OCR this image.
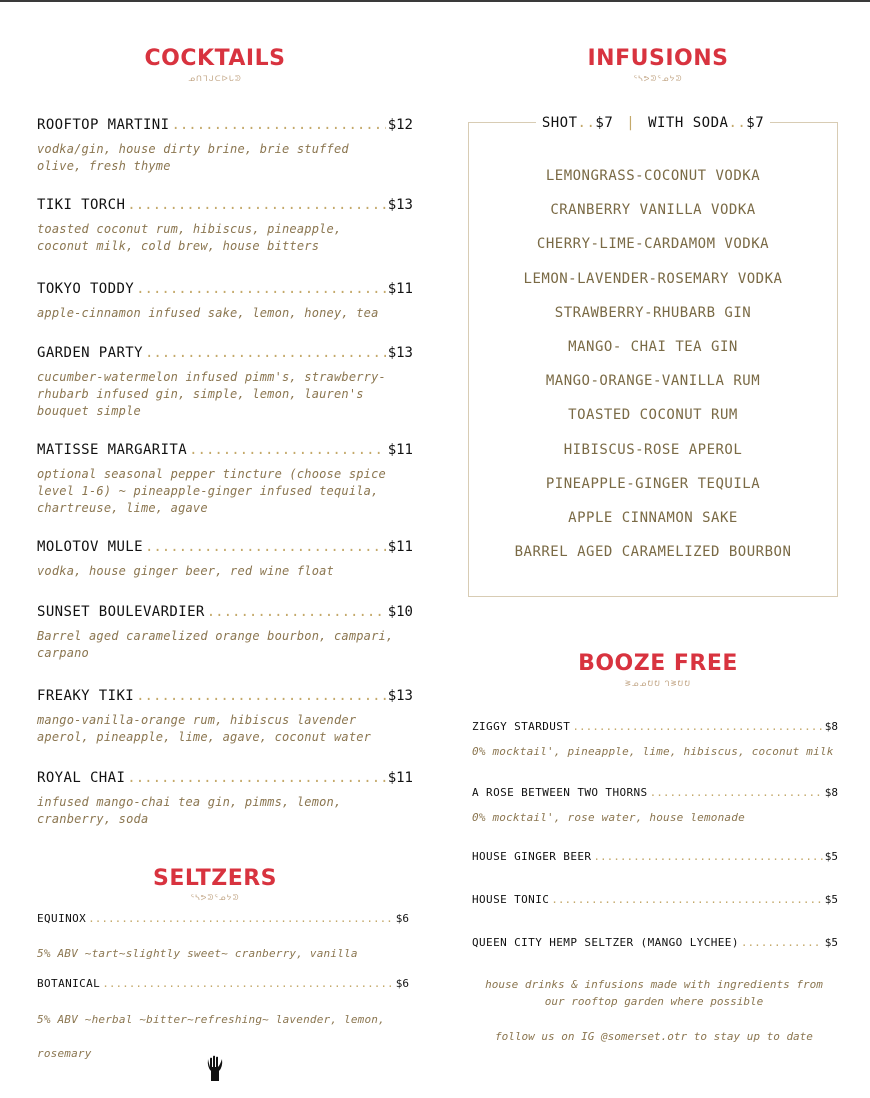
COCKTAILS
ᓄᑎᒣᒍᑕᐅᒐᕲ
ROOFTOP MARTINI .....	$12
vodka/gin, house dirty brine, brie stuffed
olive, fresh thyme
TIKI TORCH .....	$13
toasted coconut rum, hibiscus, pineapple,
coconut milk, cold brew, house bitters
TOKYO TODDY .....	$11
apple-cinnamon infused sake, lemon, honey, tea
GARDEN PARTY .....	$13
cucumber-watermelon infused pimm's, strawberry-
rhubarb infused gin, simple, lemon, lauren's
bouquet simple
MATISSE MARGARITA .....	$11
optional seasonal pepper tincture (choose spice
level 1-6) ~ pineapple-ginger infused tequila,
chartreuse, lime, agave
MOLOTOV MULE .....	$11
vodka, house ginger beer, red wine float
SUNSET BOULEVARDIER .....	$10
Barrel aged caramelized orange bourbon, campari,
carpano
FREAKY TIKI .....	$13
mango-vanilla-orange rum, hibiscus lavender
aperol, pineapple, lime, agave, coconut water
ROYAL CHAI .....	$11
infused mango-chai tea gin, pimms, lemon,
cranberry, soda
SELTZERS
ᕐᓴᕗᕲᕐᓄᔭᕲ
EQUINOX .....	$6
5% ABV ~tart~slightly sweet~ cranberry, vanilla
BOTANICAL .....	$6
5% ABV ~herbal ~bitter~refreshing~ lavender, lemon,
rosemary
INFUSIONS
ᕐᓴᕗᕲᕐᓄᔭᕲ
SHOT..$7 | WITH SODA..$7
LEMONGRASS-COCONUT VODKA
CRANBERRY VANILLA VODKA
CHERRY-LIME-CARDAMOM VODKA
LEMON-LAVENDER-ROSEMARY VODKA
STRAWBERRY-RHUBARB GIN
MANGO- CHAI TEA GIN
MANGO-ORANGE-VANILLA RUM
TOASTED COCONUT RUM
HIBISCUS-ROSE APEROL
PINEAPPLE-GINGER TEQUILA
APPLE CINNAMON SAKE
BARREL AGED CARAMELIZED BOURBON
BOOZE FREE
ᕒᓄᓄᕞᕞ ᒉᕒᕞᕞ
ZIGGY STARDUST .....	$8
0% mocktail', pineapple, lime, hibiscus, coconut milk
A ROSE BETWEEN TWO THORNS .....	$8
0% mocktail', rose water, house lemonade
HOUSE GINGER BEER .....	$5
HOUSE TONIC .....	$5
QUEEN CITY HEMP SELTZER (MANGO LYCHEE) .....	$5
house drinks & infusions made with ingredients from
our rooftop garden where possible
follow us on IG @somerset.otr to stay up to date
